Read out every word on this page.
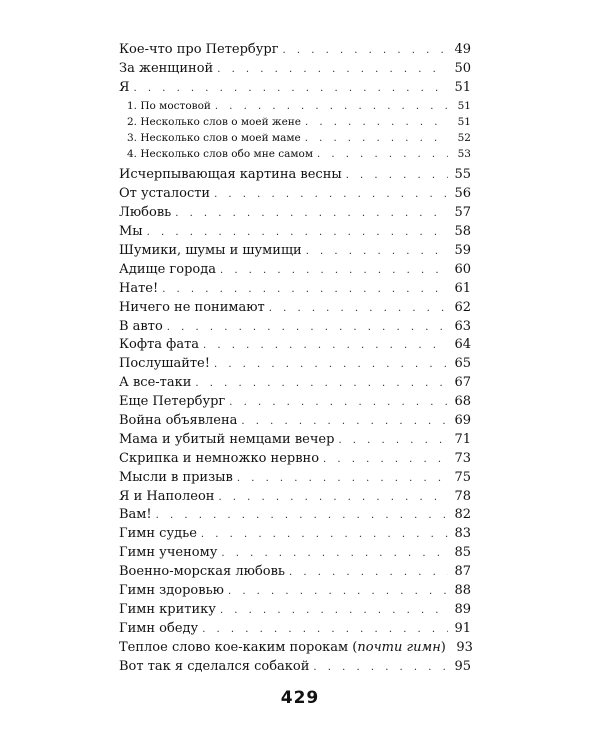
Кое-что про Петербург . . .	49
За женщиной . . .	50
Я . . .	51
1. По мостовой . . .	51
2. Несколько слов о моей жене . . .	51
3. Несколько слов о моей маме . . .	52
4. Несколько слов обо мне самом . . .	53
Исчерпывающая картина весны . . .	55
От усталости . . .	56
Любовь . . .	57
Мы . . .	58
Шумики, шумы и шумищи . . .	59
Адище города . . .	60
Нате! . . .	61
Ничего не понимают . . .	62
В авто . . .	63
Кофта фата . . .	64
Послушайте! . . .	65
А все-таки . . .	67
Еще Петербург . . .	68
Война объявлена . . .	69
Мама и убитый немцами вечер . . .	71
Скрипка и немножко нервно . . .	73
Мысли в призыв . . .	75
Я и Наполеон . . .	78
Вам! . . .	82
Гимн судье . . .	83
Гимн ученому . . .	85
Военно-морская любовь . . .	87
Гимн здоровью . . .	88
Гимн критику . . .	89
Гимн обеду . . .	91
Теплое слово кое-каким порокам (почти гимн) 93
Вот так я сделался собакой . . .	95
429
